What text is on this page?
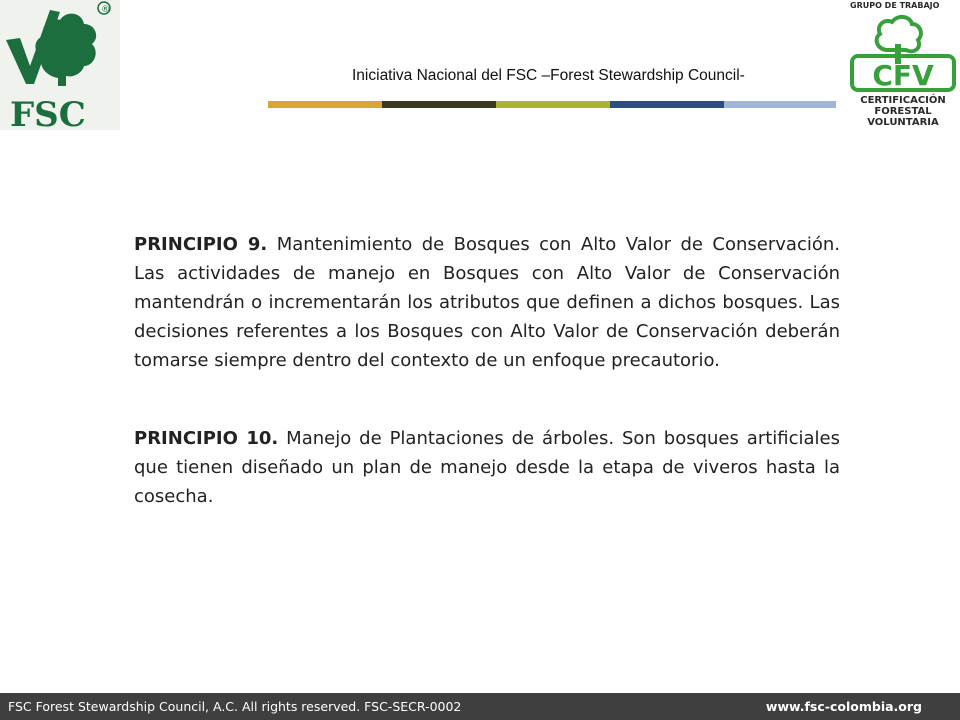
FSC
®
Iniciativa Nacional del FSC –Forest Stewardship Council-
GRUPO DE TRABAJO
CFV
CERTIFICACIÓN
FORESTAL
VOLUNTARIA

PRINCIPIO 9. Mantenimiento de Bosques con Alto Valor de Conservación. Las actividades de manejo en Bosques con Alto Valor de Conservación mantendrán o incrementarán los atributos que definen a dichos bosques. Las decisiones referentes a los Bosques con Alto Valor de Conservación deberán tomarse siempre dentro del contexto de un enfoque precautorio.

PRINCIPIO 10. Manejo de Plantaciones de árboles. Son bosques artificiales que tienen diseñado un plan de manejo desde la etapa de viveros hasta la cosecha.

FSC Forest Stewardship Council, A.C. All rights reserved. FSC-SECR-0002	www.fsc-colombia.org
